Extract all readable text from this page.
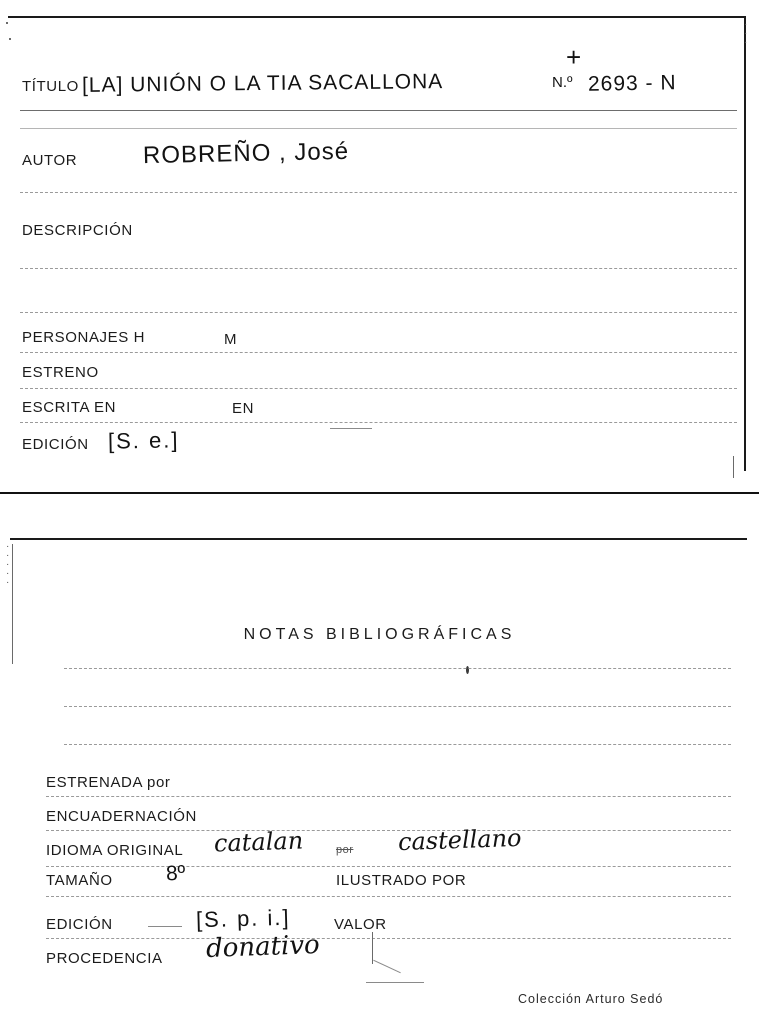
·
·
·
TÍTULO [LA] UNIÓN O LA TIA SACALLONA	N.º 2693 - N
+
AUTOR	ROBREÑO , José
DESCRIPCIÓN
PERSONAJES H	M
ESTRENO
ESCRITA EN	EN
EDICIÓN [S. e.]
·
·
·
·
·
NOTAS BIBLIOGRÁFICAS
ESTRENADA por
ENCUADERNACIÓN
IDIOMA ORIGINAL catalan	por castellano
TAMAÑO	8º	ILUSTRADO POR
EDICIÓN	[S. p. i.]	VALOR
PROCEDENCIA donativo
Colección Arturo Sedó
